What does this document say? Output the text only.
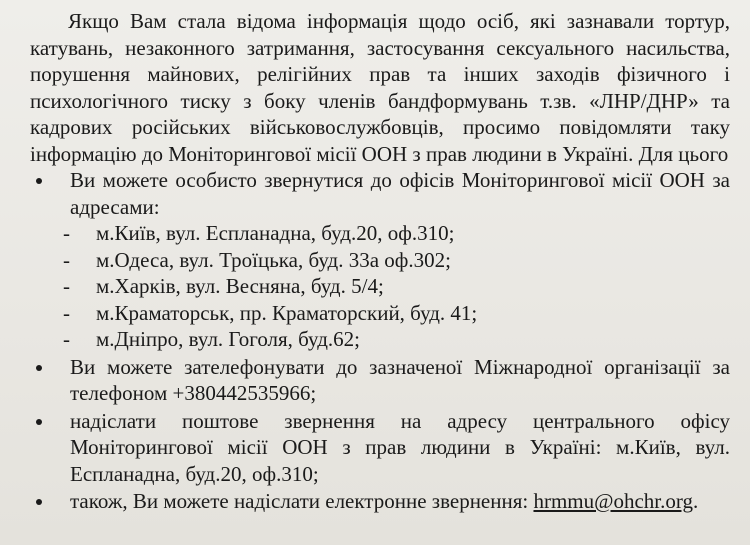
Якщо Вам стала відома інформація щодо осіб, які зазнавали тортур, катувань, незаконного затримання, застосування сексуального насильства, порушення майнових, релігійних прав та інших заходів фізичного і психологічного тиску з боку членів бандформувань т.зв. «ЛНР/ДНР» та кадрових російських військовослужбовців, просимо повідомляти таку інформацію до Моніторингової місії ООН з прав людини в Україні. Для цього

Ви можете особисто звернутися до офісів Моніторингової місії ООН за адресами:
- м.Київ, вул. Еспланадна, буд.20, оф.310;
- м.Одеса, вул. Троїцька, буд. 33а оф.302;
- м.Харків, вул. Весняна, буд. 5/4;
- м.Краматорськ, пр. Краматорский, буд. 41;
- м.Дніпро, вул. Гоголя, буд.62;
Ви можете зателефонувати до зазначеної Міжнародної організації за телефоном +380442535966;
надіслати поштове звернення на адресу центрального офісу Моніторингової місії ООН з прав людини в Україні: м.Київ, вул. Еспланадна, буд.20, оф.310;
також, Ви можете надіслати електронне звернення: hrmmu@ohchr.org.
